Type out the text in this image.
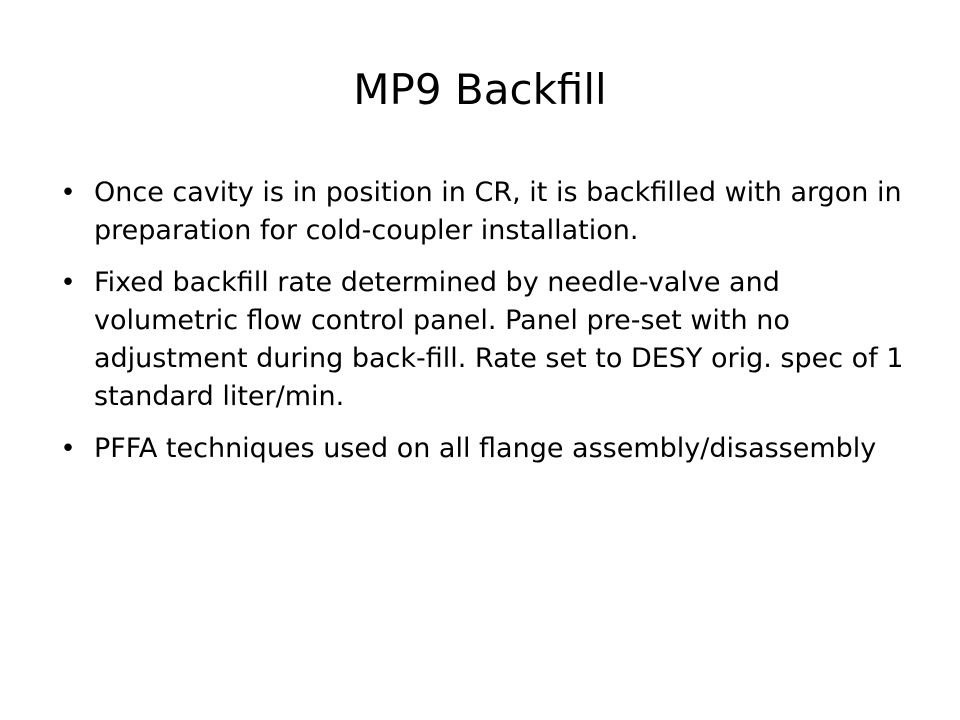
MP9 Backfill
• Once cavity is in position in CR, it is backfilled with argon in preparation for cold-coupler installation.
• Fixed backfill rate determined by needle-valve and volumetric flow control panel. Panel pre-set with no adjustment during back-fill. Rate set to DESY orig. spec of 1 standard liter/min.
• PFFA techniques used on all flange assembly/disassembly
